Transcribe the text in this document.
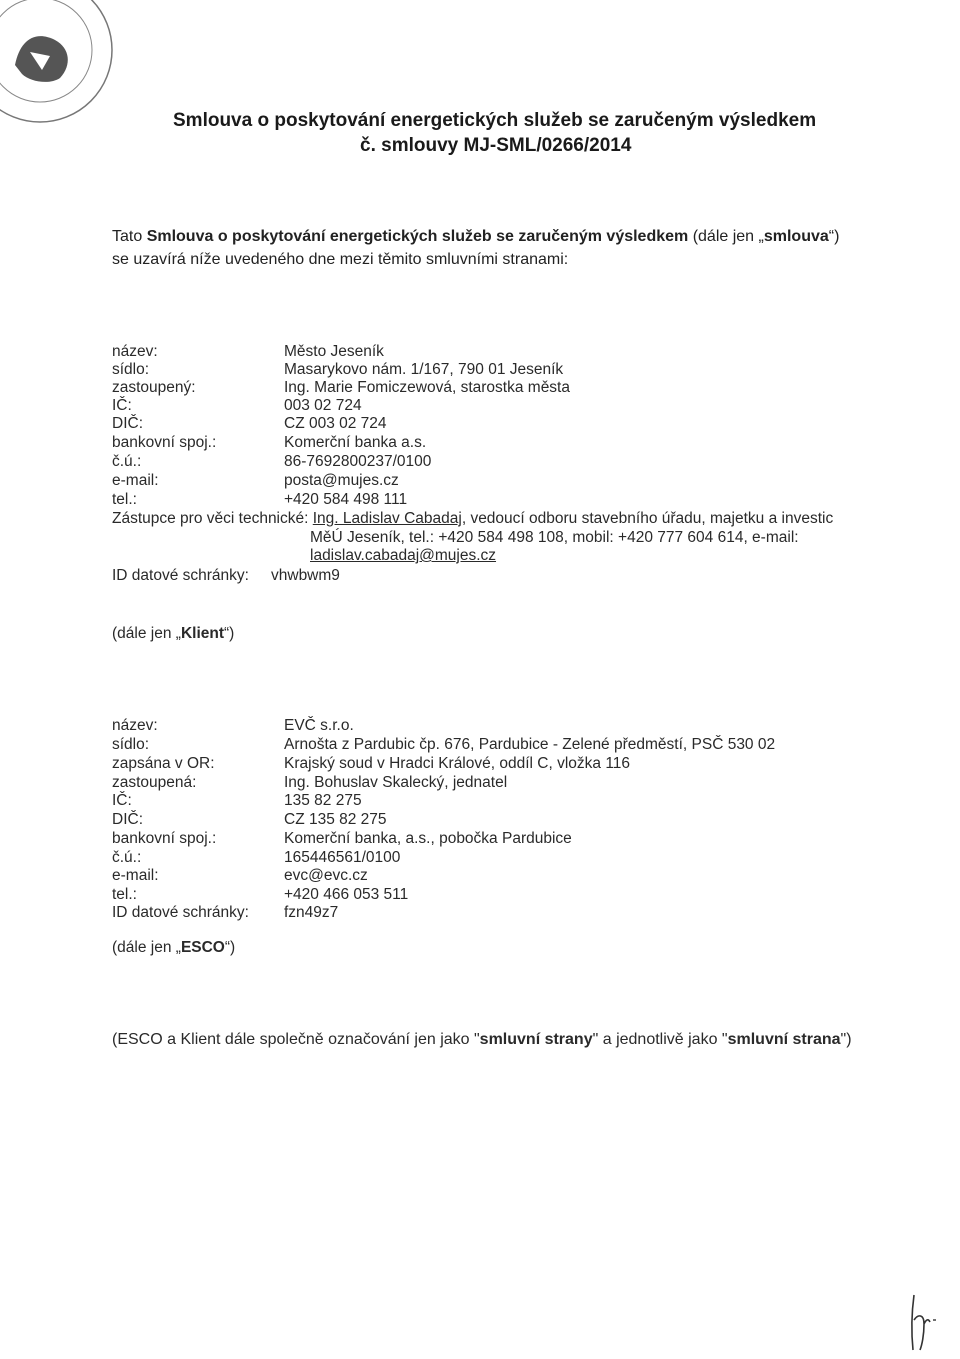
Smlouva o poskytování energetických služeb se zaručeným výsledkem
č. smlouvy MJ-SML/0266/2014
Tato Smlouva o poskytování energetických služeb se zaručeným výsledkem (dále jen „smlouva“)
se uzavírá níže uvedeného dne mezi těmito smluvními stranami:
název:	Město Jeseník
sídlo:	Masarykovo nám. 1/167, 790 01 Jeseník
zastoupený:	Ing. Marie Fomiczewová, starostka města
IČ:	003 02 724
DIČ:	CZ 003 02 724
bankovní spoj.:	Komerční banka a.s.
č.ú.:	86-7692800237/0100
e-mail:	posta@mujes.cz
tel.:	+420 584 498 111
Zástupce pro věci technické: Ing. Ladislav Cabadaj, vedoucí odboru stavebního úřadu, majetku a investic
MěÚ Jeseník, tel.: +420 584 498 108, mobil: +420 777 604 614, e-mail:
ladislav.cabadaj@mujes.cz
ID datové schránky: vhwbwm9
(dále jen „Klient“)
název:	EVČ s.r.o.
sídlo:	Arnošta z Pardubic čp. 676, Pardubice - Zelené předměstí, PSČ 530 02
zapsána v OR:	Krajský soud v Hradci Králové, oddíl C, vložka 116
zastoupená:	Ing. Bohuslav Skalecký, jednatel
IČ:	135 82 275
DIČ:	CZ 135 82 275
bankovní spoj.:	Komerční banka, a.s., pobočka Pardubice
č.ú.:	165446561/0100
e-mail:	evc@evc.cz
tel.:	+420 466 053 511
ID datové schránky: fzn49z7
(dále jen „ESCO“)
(ESCO a Klient dále společně označování jen jako "smluvní strany" a jednotlivě jako "smluvní strana")
